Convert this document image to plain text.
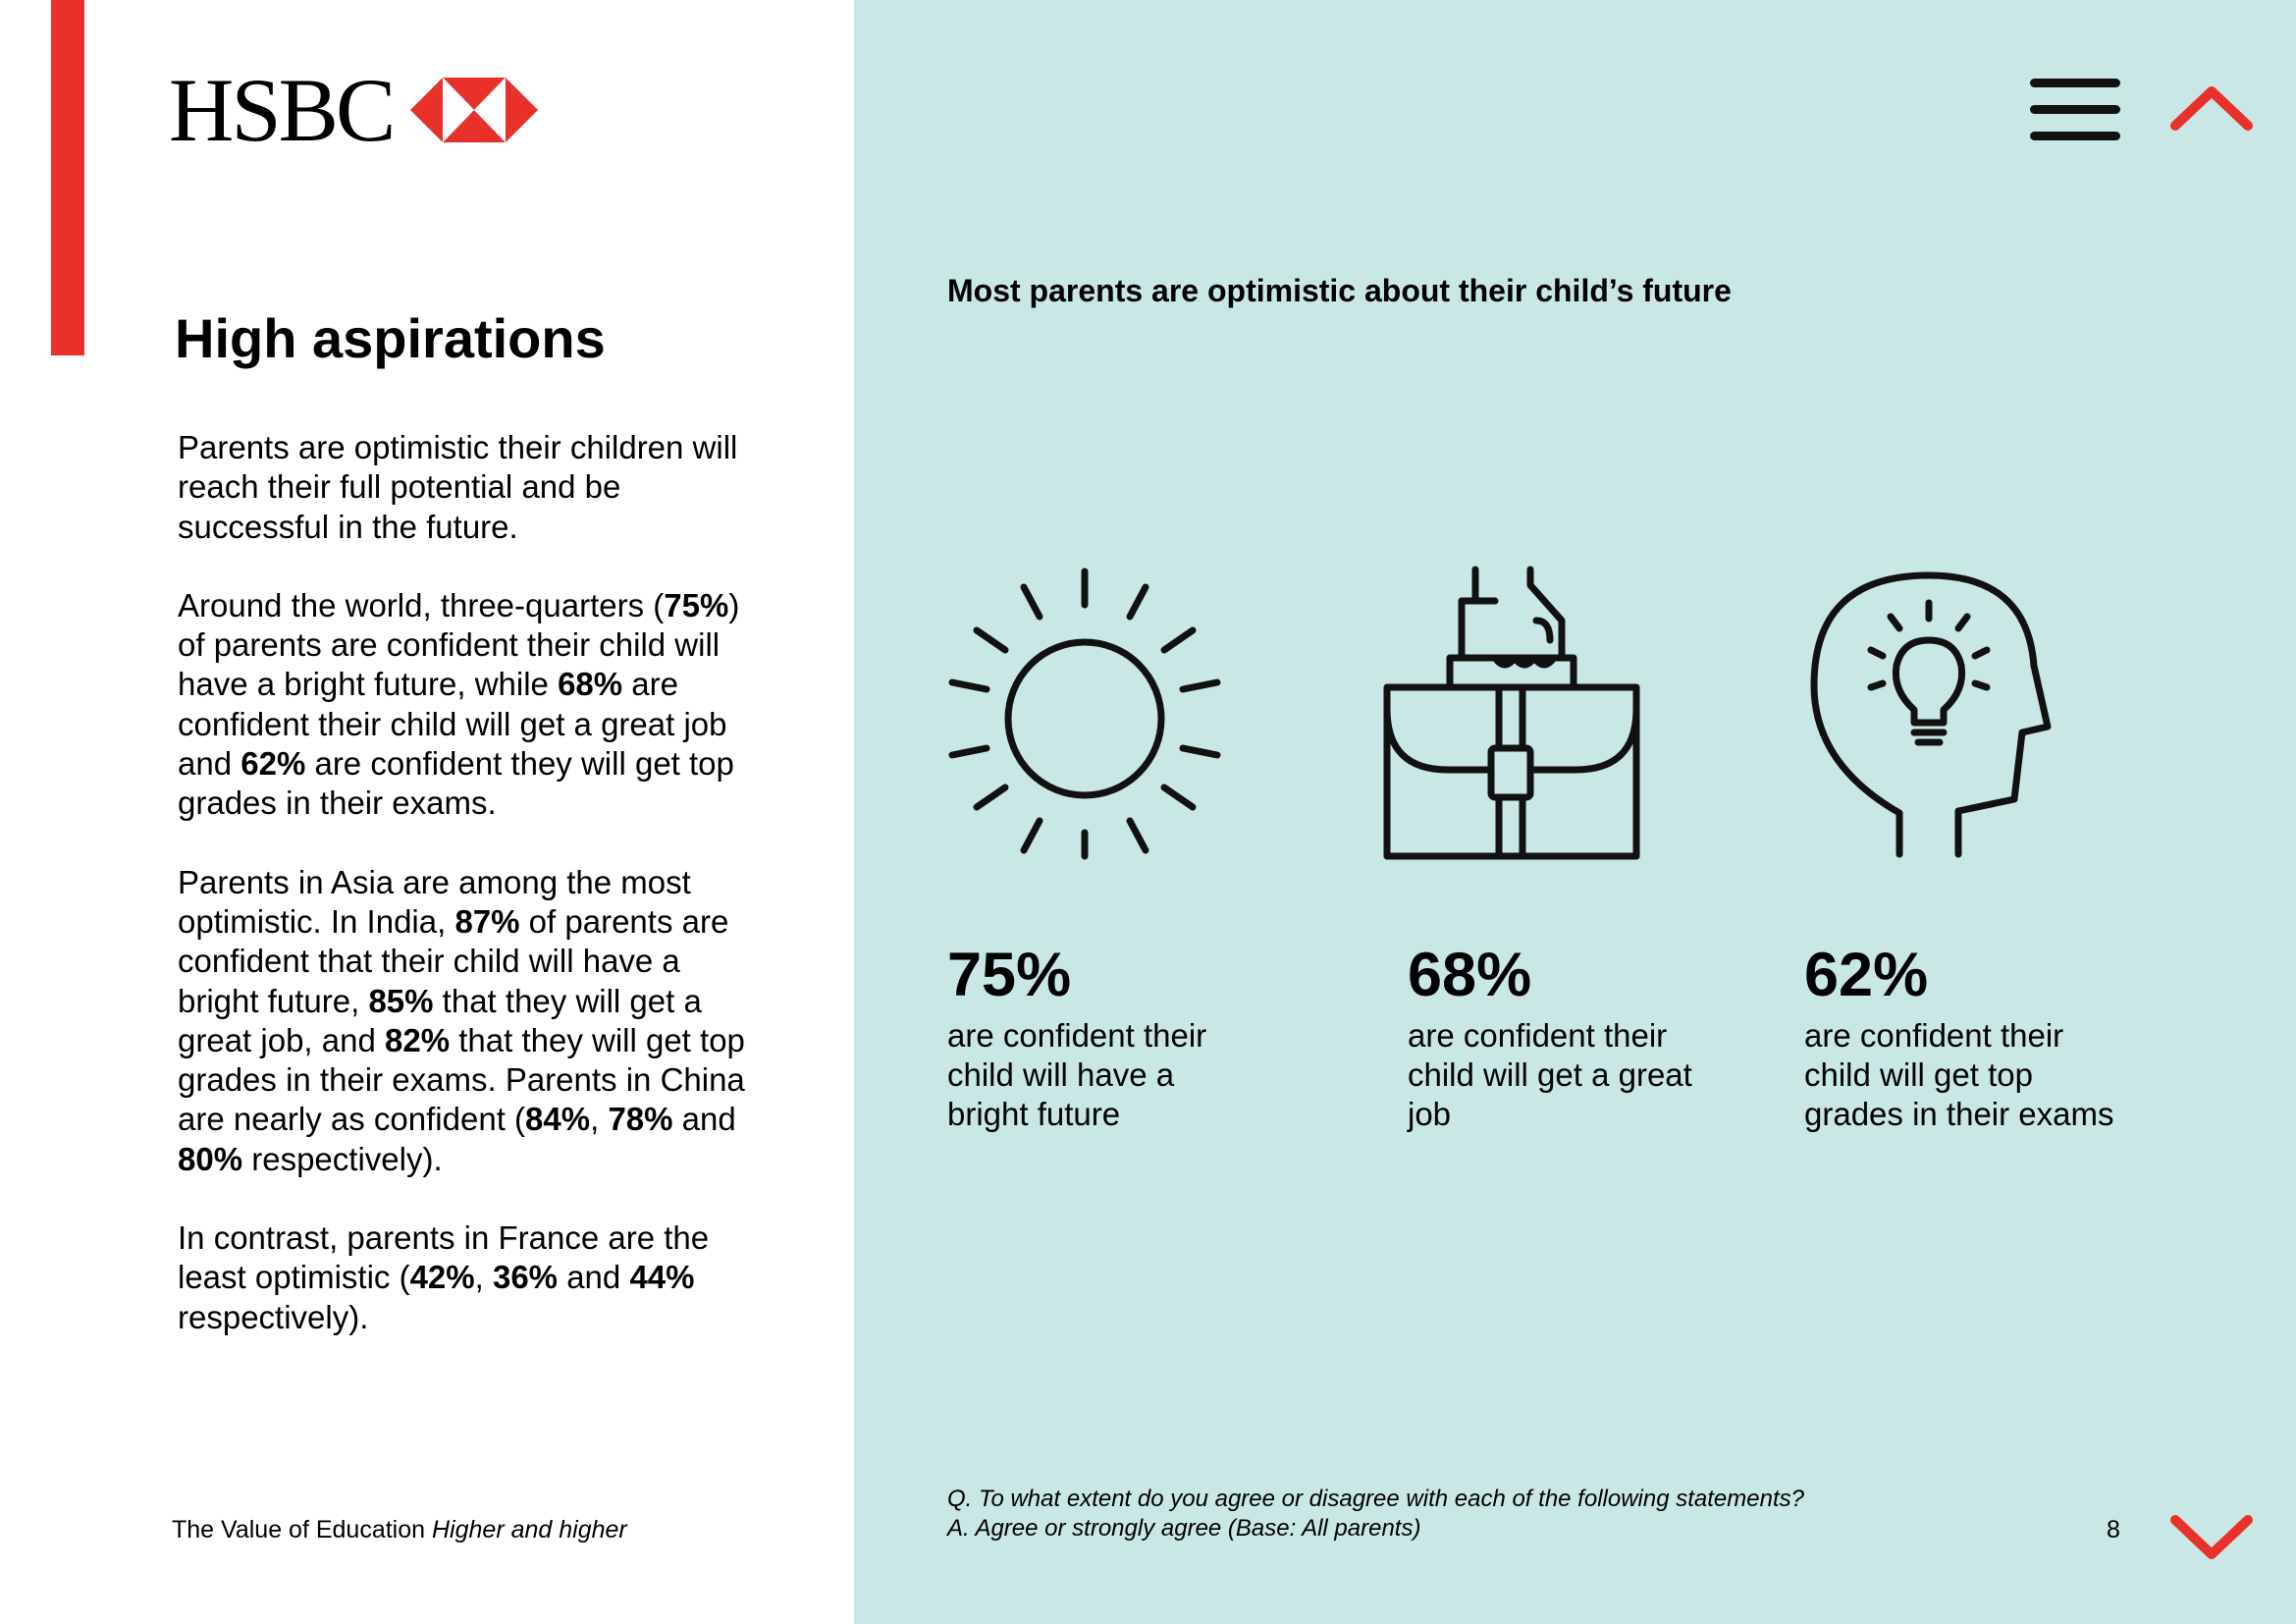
HSBC
High aspirations

Parents are optimistic their children will reach their full potential and be successful in the future.

Around the world, three-quarters (75%) of parents are confident their child will have a bright future, while 68% are confident their child will get a great job and 62% are confident they will get top grades in their exams.

Parents in Asia are among the most optimistic. In India, 87% of parents are confident that their child will have a bright future, 85% that they will get a great job, and 82% that they will get top grades in their exams. Parents in China are nearly as confident (84%, 78% and 80% respectively).

In contrast, parents in France are the least optimistic (42%, 36% and 44% respectively).

The Value of Education Higher and higher
Most parents are optimistic about their child’s future
75%
are confident their child will have a bright future
68%
are confident their child will get a great job
62%
are confident their child will get top grades in their exams
Q. To what extent do you agree or disagree with each of the following statements?
A. Agree or strongly agree (Base: All parents)	8
